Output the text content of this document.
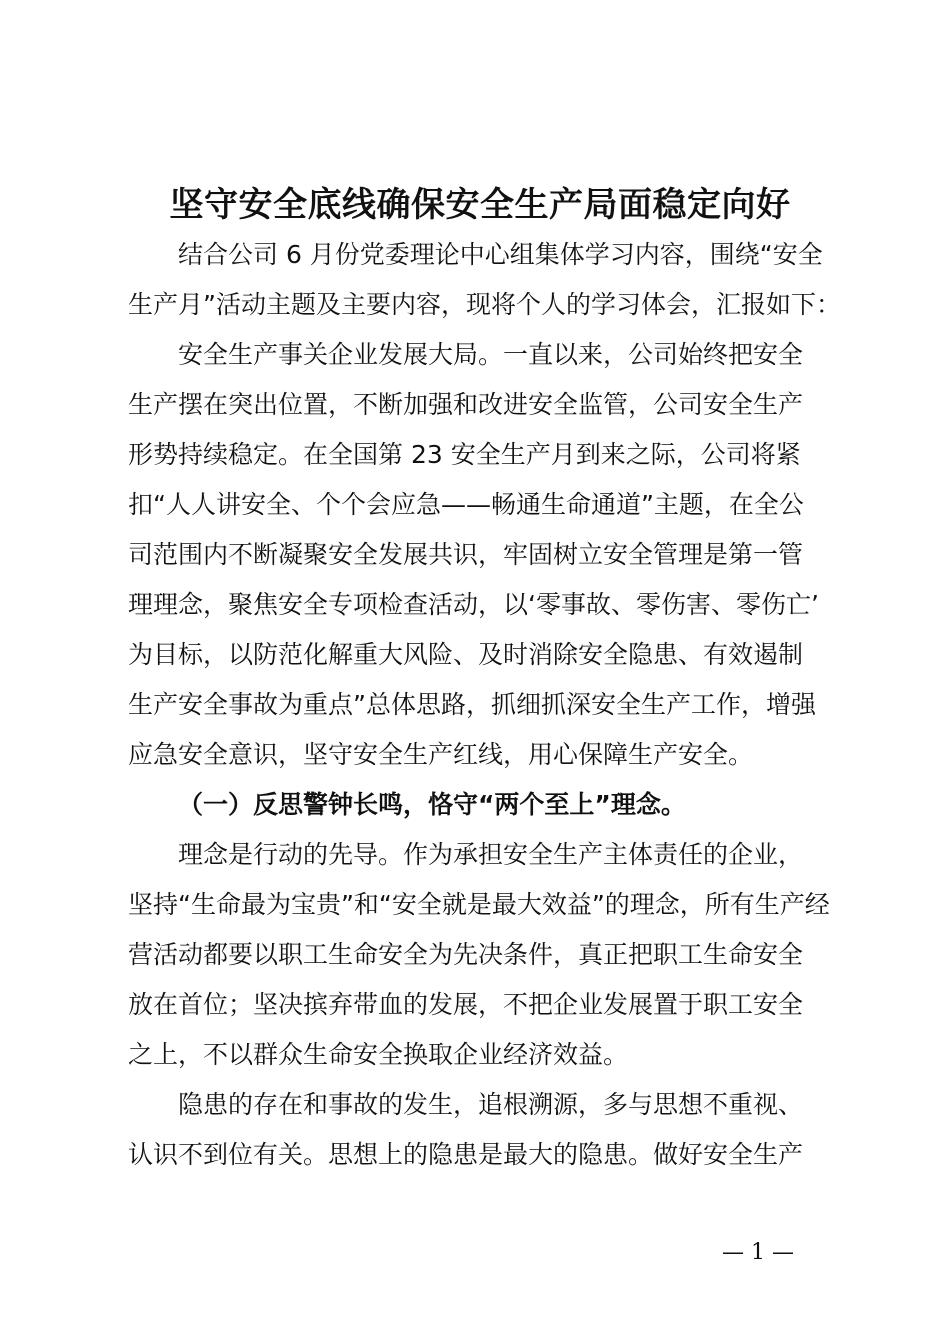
坚守安全底线确保安全生产局面稳定向好
结合公司 6 月份党委理论中心组集体学习内容，围绕“安全
生产月”活动主题及主要内容，现将个人的学习体会，汇报如下：
安全生产事关企业发展大局。一直以来，公司始终把安全
生产摆在突出位置，不断加强和改进安全监管，公司安全生产
形势持续稳定。在全国第 23 安全生产月到来之际，公司将紧
扣“人人讲安全、个个会应急——畅通生命通道”主题，在全公
司范围内不断凝聚安全发展共识，牢固树立安全管理是第一管
理理念，聚焦安全专项检查活动，以‘零事故、零伤害、零伤亡’
为目标，以防范化解重大风险、及时消除安全隐患、有效遏制
生产安全事故为重点”总体思路，抓细抓深安全生产工作，增强
应急安全意识，坚守安全生产红线，用心保障生产安全。
（一）反思警钟长鸣，恪守“两个至上”理念。
理念是行动的先导。作为承担安全生产主体责任的企业，
坚持“生命最为宝贵”和“安全就是最大效益”的理念，所有生产经
营活动都要以职工生命安全为先决条件，真正把职工生命安全
放在首位；坚决摈弃带血的发展，不把企业发展置于职工安全
之上，不以群众生命安全换取企业经济效益。
隐患的存在和事故的发生，追根溯源，多与思想不重视、
认识不到位有关。思想上的隐患是最大的隐患。做好安全生产
— 1 —
